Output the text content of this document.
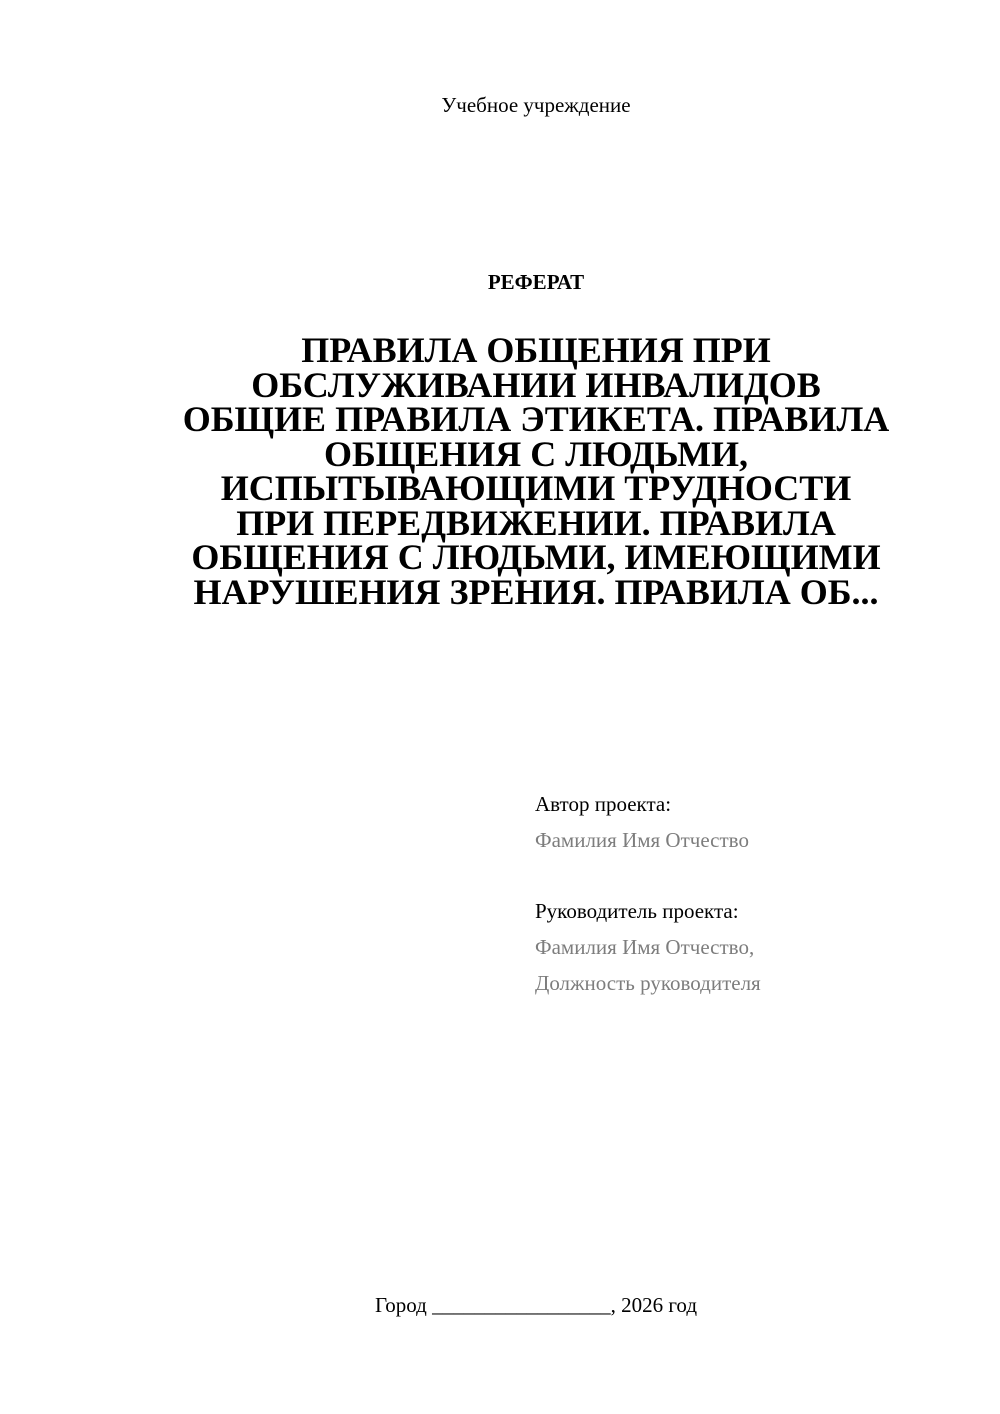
Учебное учреждение
РЕФЕРАТ
ПРАВИЛА ОБЩЕНИЯ ПРИ
ОБСЛУЖИВАНИИ ИНВАЛИДОВ
ОБЩИЕ ПРАВИЛА ЭТИКЕТА. ПРАВИЛА
ОБЩЕНИЯ С ЛЮДЬМИ,
ИСПЫТЫВАЮЩИМИ ТРУДНОСТИ
ПРИ ПЕРЕДВИЖЕНИИ. ПРАВИЛА
ОБЩЕНИЯ С ЛЮДЬМИ, ИМЕЮЩИМИ
НАРУШЕНИЯ ЗРЕНИЯ. ПРАВИЛА ОБ...
Автор проекта:
Фамилия Имя Отчество
Руководитель проекта:
Фамилия Имя Отчество,
Должность руководителя
Город _________________, 2026 год
